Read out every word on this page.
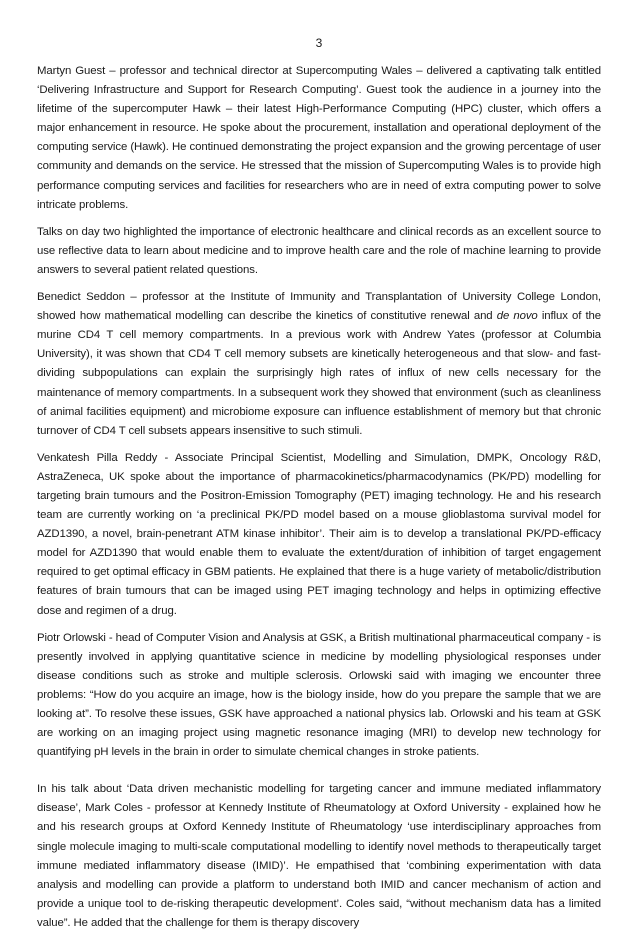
3

Martyn Guest – professor and technical director at Supercomputing Wales – delivered a captivating talk entitled ‘Delivering Infrastructure and Support for Research Computing’. Guest took the audience in a journey into the lifetime of the supercomputer Hawk – their latest High-Performance Computing (HPC) cluster, which offers a major enhancement in resource. He spoke about the procurement, installation and operational deployment of the computing service (Hawk). He continued demonstrating the project expansion and the growing percentage of user community and demands on the service. He stressed that the mission of Supercomputing Wales is to provide high performance computing services and facilities for researchers who are in need of extra computing power to solve intricate problems.

Talks on day two highlighted the importance of electronic healthcare and clinical records as an excellent source to use reflective data to learn about medicine and to improve health care and the role of machine learning to provide answers to several patient related questions.

Benedict Seddon – professor at the Institute of Immunity and Transplantation of University College London, showed how mathematical modelling can describe the kinetics of constitutive renewal and de novo influx of the murine CD4 T cell memory compartments. In a previous work with Andrew Yates (professor at Columbia University), it was shown that CD4 T cell memory subsets are kinetically heterogeneous and that slow- and fast-dividing subpopulations can explain the surprisingly high rates of influx of new cells necessary for the maintenance of memory compartments. In a subsequent work they showed that environment (such as cleanliness of animal facilities equipment) and microbiome exposure can influence establishment of memory but that chronic turnover of CD4 T cell subsets appears insensitive to such stimuli.

Venkatesh Pilla Reddy - Associate Principal Scientist, Modelling and Simulation, DMPK, Oncology R&D, AstraZeneca, UK spoke about the importance of pharmacokinetics/pharmacodynamics (PK/PD) modelling for targeting brain tumours and the Positron-Emission Tomography (PET) imaging technology. He and his research team are currently working on ‘a preclinical PK/PD model based on a mouse glioblastoma survival model for AZD1390, a novel, brain-penetrant ATM kinase inhibitor’. Their aim is to develop a translational PK/PD-efficacy model for AZD1390 that would enable them to evaluate the extent/duration of inhibition of target engagement required to get optimal efficacy in GBM patients. He explained that there is a huge variety of metabolic/distribution features of brain tumours that can be imaged using PET imaging technology and helps in optimizing effective dose and regimen of a drug.

Piotr Orlowski - head of Computer Vision and Analysis at GSK, a British multinational pharmaceutical company - is presently involved in applying quantitative science in medicine by modelling physiological responses under disease conditions such as stroke and multiple sclerosis. Orlowski said with imaging we encounter three problems: “How do you acquire an image, how is the biology inside, how do you prepare the sample that we are looking at”. To resolve these issues, GSK have approached a national physics lab. Orlowski and his team at GSK are working on an imaging project using magnetic resonance imaging (MRI) to develop new technology for quantifying pH levels in the brain in order to simulate chemical changes in stroke patients.

In his talk about ‘Data driven mechanistic modelling for targeting cancer and immune mediated inflammatory disease’, Mark Coles - professor at Kennedy Institute of Rheumatology at Oxford University - explained how he and his research groups at Oxford Kennedy Institute of Rheumatology ‘use interdisciplinary approaches from single molecule imaging to multi-scale computational modelling to identify novel methods to therapeutically target immune mediated inflammatory disease (IMID)’. He empathised that ‘combining experimentation with data analysis and modelling can provide a platform to understand both IMID and cancer mechanism of action and provide a unique tool to de-risking therapeutic development’. Coles said, “without mechanism data has a limited value”. He added that the challenge for them is therapy discovery
